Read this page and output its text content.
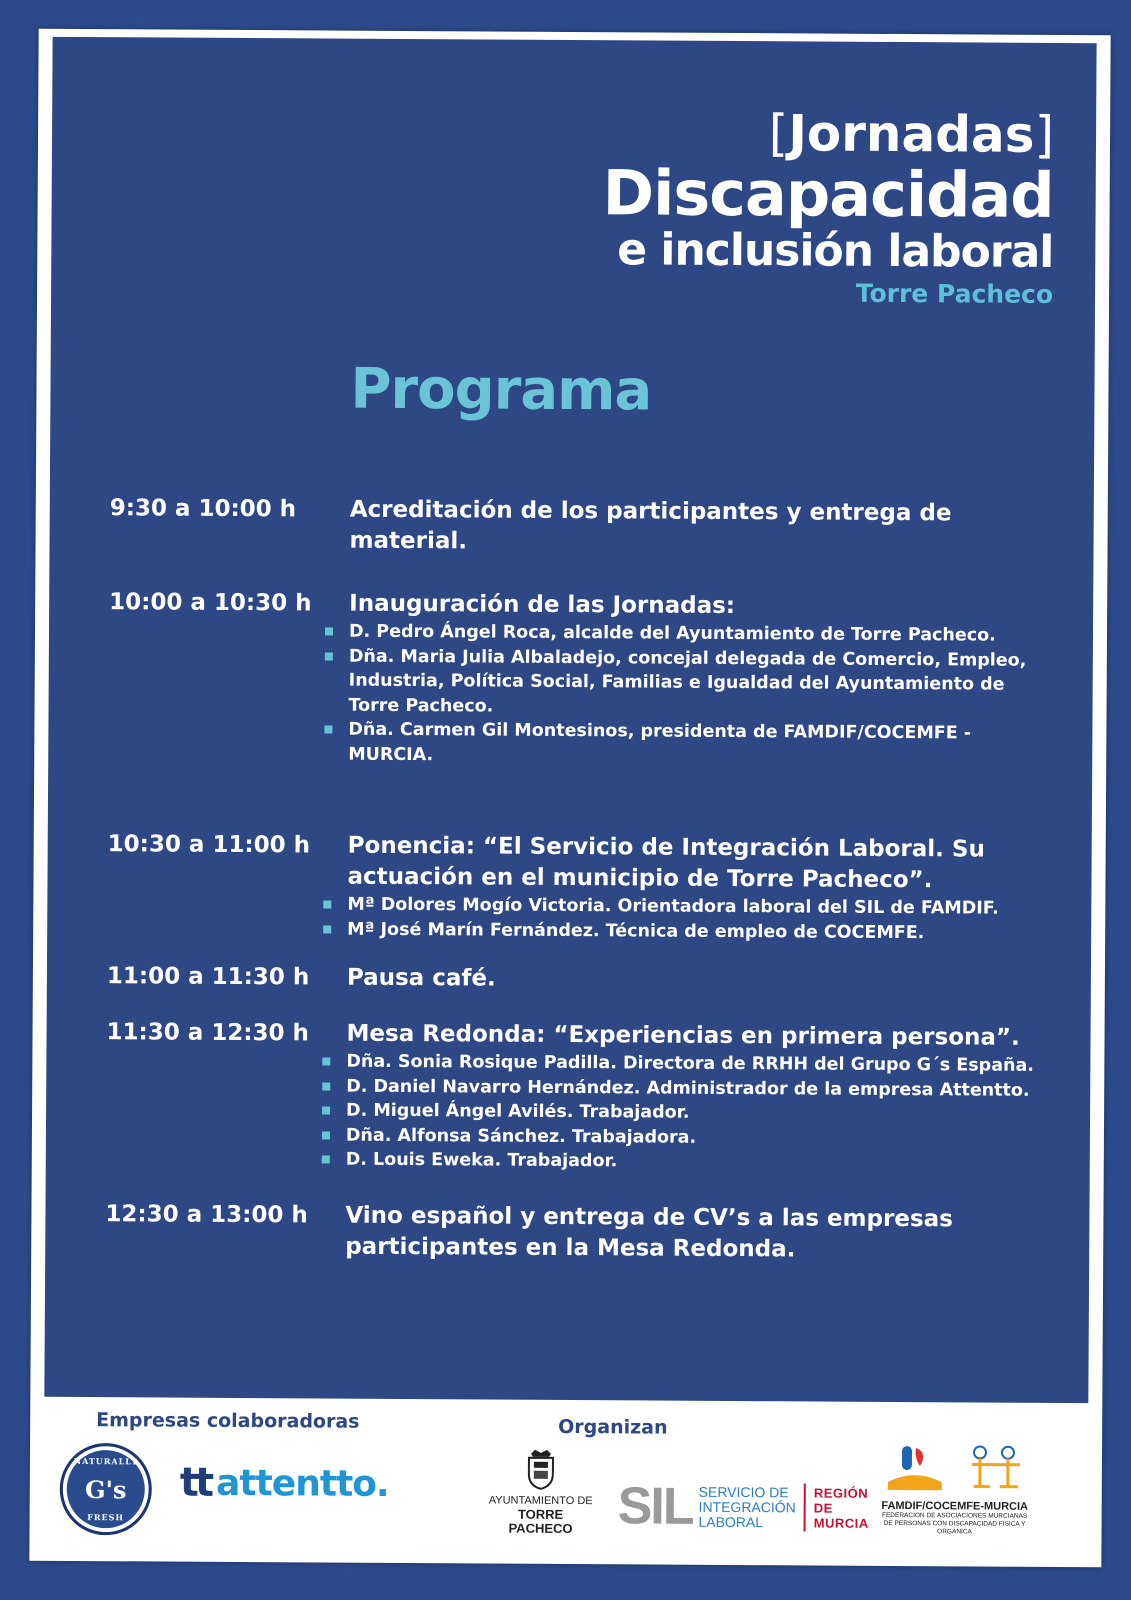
[Jornadas]
Discapacidad
e inclusión laboral
Torre Pacheco
Programa
9:30 a 10:00 h	Acreditación de los participantes y entrega de material.
10:00 a 10:30 h	Inauguración de las Jornadas:
D. Pedro Ángel Roca, alcalde del Ayuntamiento de Torre Pacheco.
Dña. Maria Julia Albaladejo, concejal delegada de Comercio, Empleo, Industria, Política Social, Familias e Igualdad del Ayuntamiento de Torre Pacheco.
Dña. Carmen Gil Montesinos, presidenta de FAMDIF/COCEMFE - MURCIA.
10:30 a 11:00 h	Ponencia: “El Servicio de Integración Laboral. Su actuación en el municipio de Torre Pacheco”.
Mª Dolores Mogío Victoria. Orientadora laboral del SIL de FAMDIF.
Mª José Marín Fernández. Técnica de empleo de COCEMFE.
11:00 a 11:30 h	Pausa café.
11:30 a 12:30 h	Mesa Redonda: “Experiencias en primera persona”.
Dña. Sonia Rosique Padilla. Directora de RRHH del Grupo G´s España.
D. Daniel Navarro Hernández. Administrador de la empresa Attentto.
D. Miguel Ángel Avilés. Trabajador.
Dña. Alfonsa Sánchez. Trabajadora.
D. Louis Eweka. Trabajador.
12:30 a 13:00 h	Vino español y entrega de CV’s a las empresas participantes en la Mesa Redonda.
Empresas colaboradoras	Organizan
NATURALLY
G's
FRESH
tt attentto.	AYUNTAMIENTO DE
TORRE PACHECO SIL SERVICIO DE
INTEGRACIÓN
LABORAL
REGIÓN
DE
MURCIA
FAMDIF/COCEMFE-MURCIA
FEDERACION DE ASOCIACIONES MURCIANAS
DE PERSONAS CON DISCAPACIDAD FISICA Y ORGANICA
